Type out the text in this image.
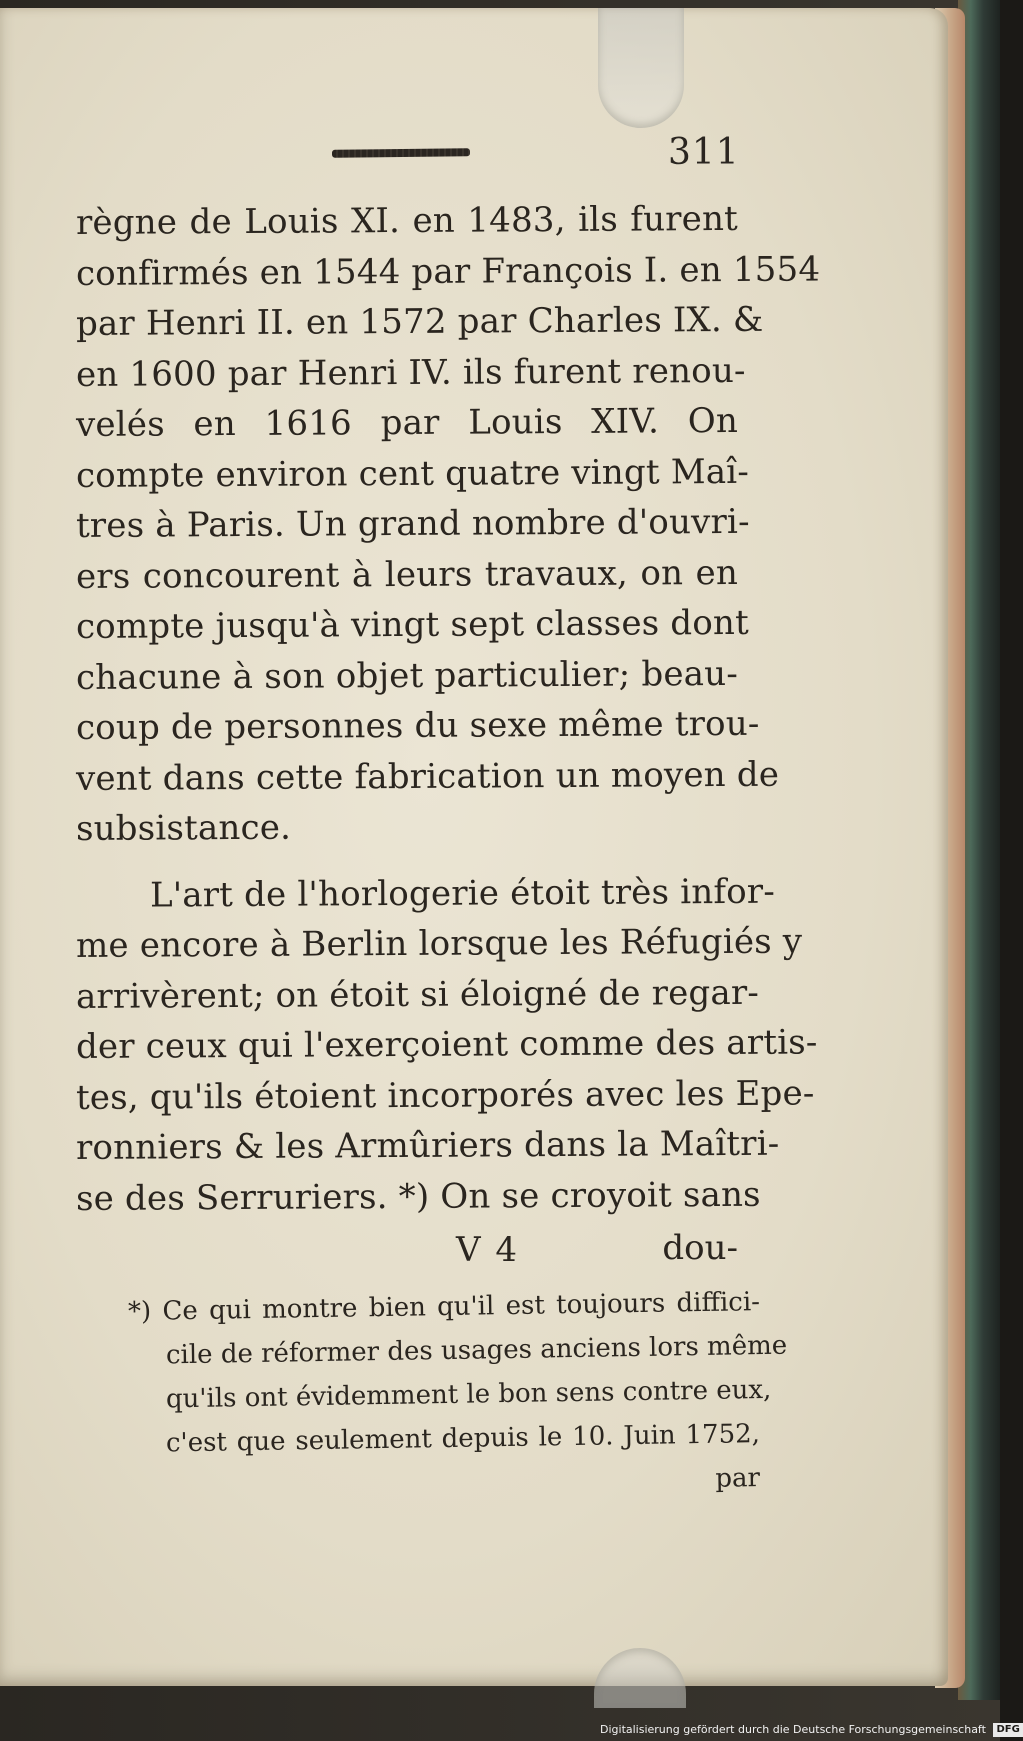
311
règne de Louis XI. en 1483, ils furent
confirmés en 1544 par François I. en 1554
par Henri II. en 1572 par Charles IX. &
en 1600 par Henri IV. ils furent renou-
velés en 1616 par Louis XIV. On
compte environ cent quatre vingt Maî-
tres à Paris. Un grand nombre d'ouvri-
ers concourent à leurs travaux, on en
compte jusqu'à vingt sept classes dont
chacune à son objet particulier; beau-
coup de personnes du sexe même trou-
vent dans cette fabrication un moyen de
subsistance.
L'art de l'horlogerie étoit très infor-
me encore à Berlin lorsque les Réfugiés y
arrivèrent; on étoit si éloigné de regar-
der ceux qui l'exerçoient comme des artis-
tes, qu'ils étoient incorporés avec les Epe-
ronniers & les Armûriers dans la Maîtri-
se des Serruriers. *) On se croyoit sans
V 4	dou-
*) Ce qui montre bien qu'il est toujours diffici-
cile de réformer des usages anciens lors même
qu'ils ont évidemment le bon sens contre eux,
c'est que seulement depuis le 10. Juin 1752,
par
Digitalisierung gefördert durch die Deutsche Forschungsgemeinschaft DFG
